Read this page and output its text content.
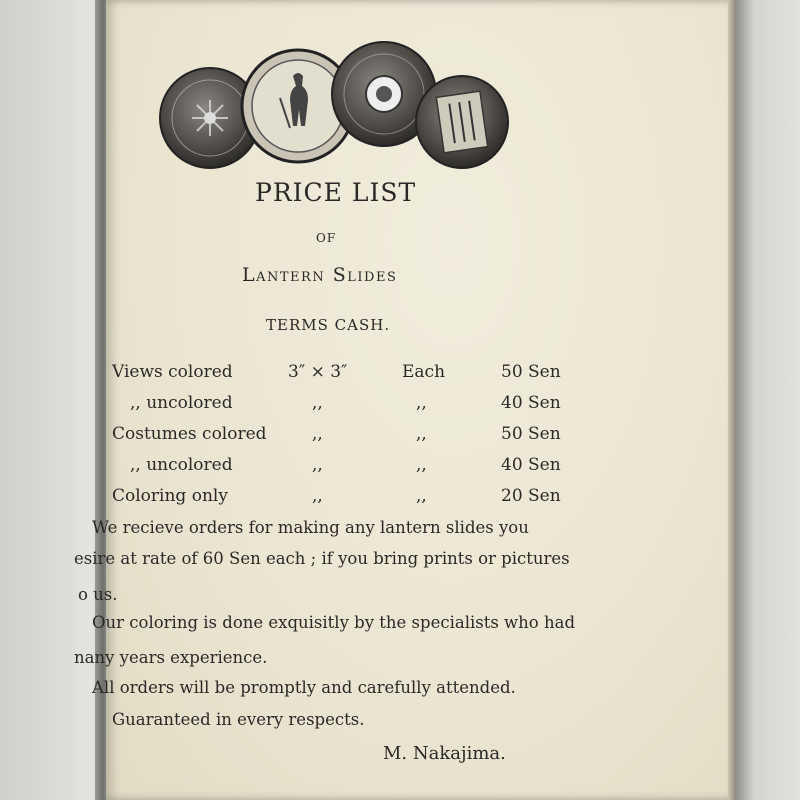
PRICE LIST
OF
Lantern Slides
TERMS CASH.
Views colored	3″ × 3″	Each	50 Sen
,, uncolored	,,	,,	40 Sen
Costumes colored	,,	,,	50 Sen
,, uncolored	,,	,,	40 Sen
Coloring only	,,	,,	20 Sen
We recieve orders for making any lantern slides you
esire at rate of 60 Sen each ; if you bring prints or pictures
o us.
Our coloring is done exquisitly by the specialists who had
nany years experience.
All orders will be promptly and carefully attended.
Guaranteed in every respects.
M. Nakajima.
